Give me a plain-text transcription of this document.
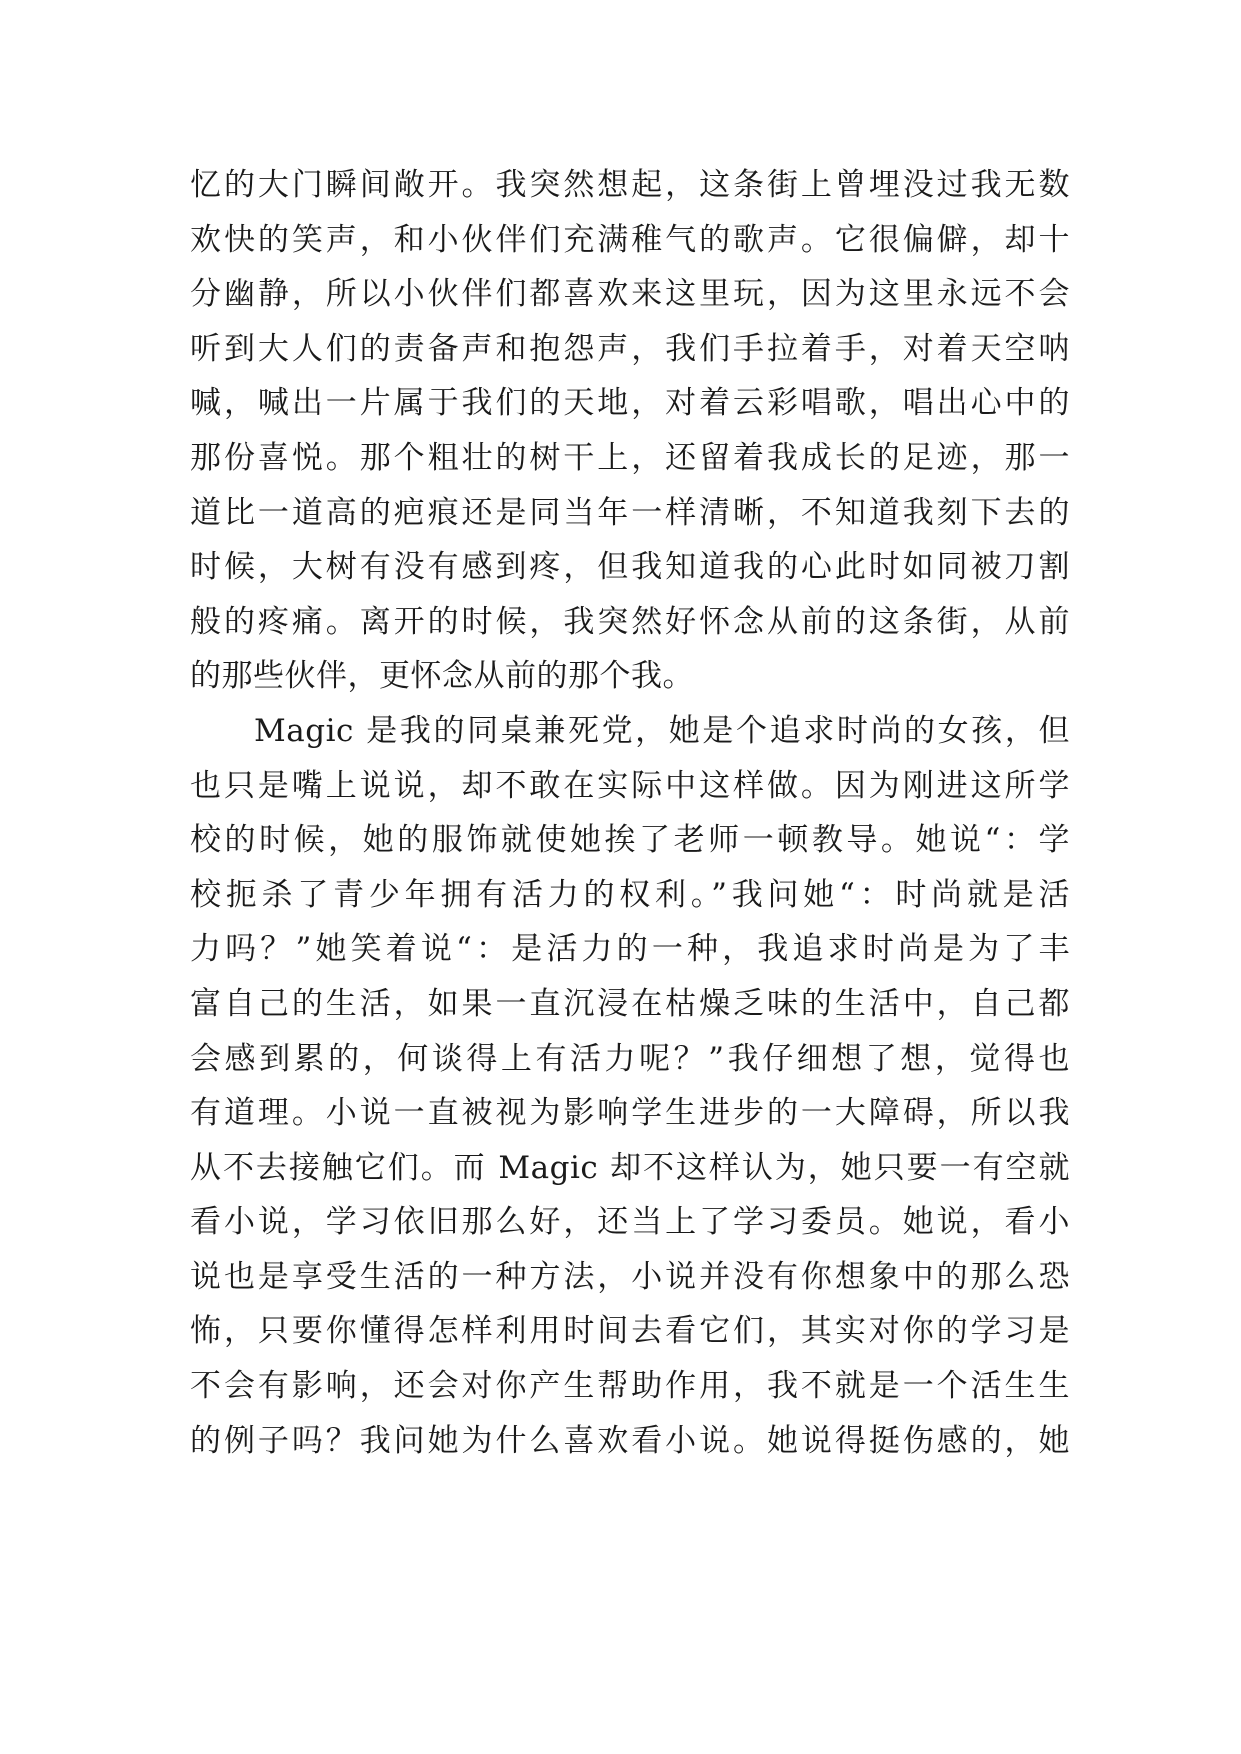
忆的大门瞬间敞开。我突然想起，这条街上曾埋没过我无数
欢快的笑声，和小伙伴们充满稚气的歌声。它很偏僻，却十
分幽静，所以小伙伴们都喜欢来这里玩，因为这里永远不会
听到大人们的责备声和抱怨声，我们手拉着手，对着天空呐
喊，喊出一片属于我们的天地，对着云彩唱歌，唱出心中的
那份喜悦。那个粗壮的树干上，还留着我成长的足迹，那一
道比一道高的疤痕还是同当年一样清晰，不知道我刻下去的
时候，大树有没有感到疼，但我知道我的心此时如同被刀割
般的疼痛。离开的时候，我突然好怀念从前的这条街，从前
的那些伙伴，更怀念从前的那个我。
Magic 是我的同桌兼死党，她是个追求时尚的女孩，但
也只是嘴上说说，却不敢在实际中这样做。因为刚进这所学
校的时候，她的服饰就使她挨了老师一顿教导。她说“：学
校扼杀了青少年拥有活力的权利。”我问她“：时尚就是活
力吗？”她笑着说“：是活力的一种，我追求时尚是为了丰
富自己的生活，如果一直沉浸在枯燥乏味的生活中，自己都
会感到累的，何谈得上有活力呢？”我仔细想了想，觉得也
有道理。小说一直被视为影响学生进步的一大障碍，所以我
从不去接触它们。而 Magic 却不这样认为，她只要一有空就
看小说，学习依旧那么好，还当上了学习委员。她说，看小
说也是享受生活的一种方法，小说并没有你想象中的那么恐
怖，只要你懂得怎样利用时间去看它们，其实对你的学习是
不会有影响，还会对你产生帮助作用，我不就是一个活生生
的例子吗？我问她为什么喜欢看小说。她说得挺伤感的，她
